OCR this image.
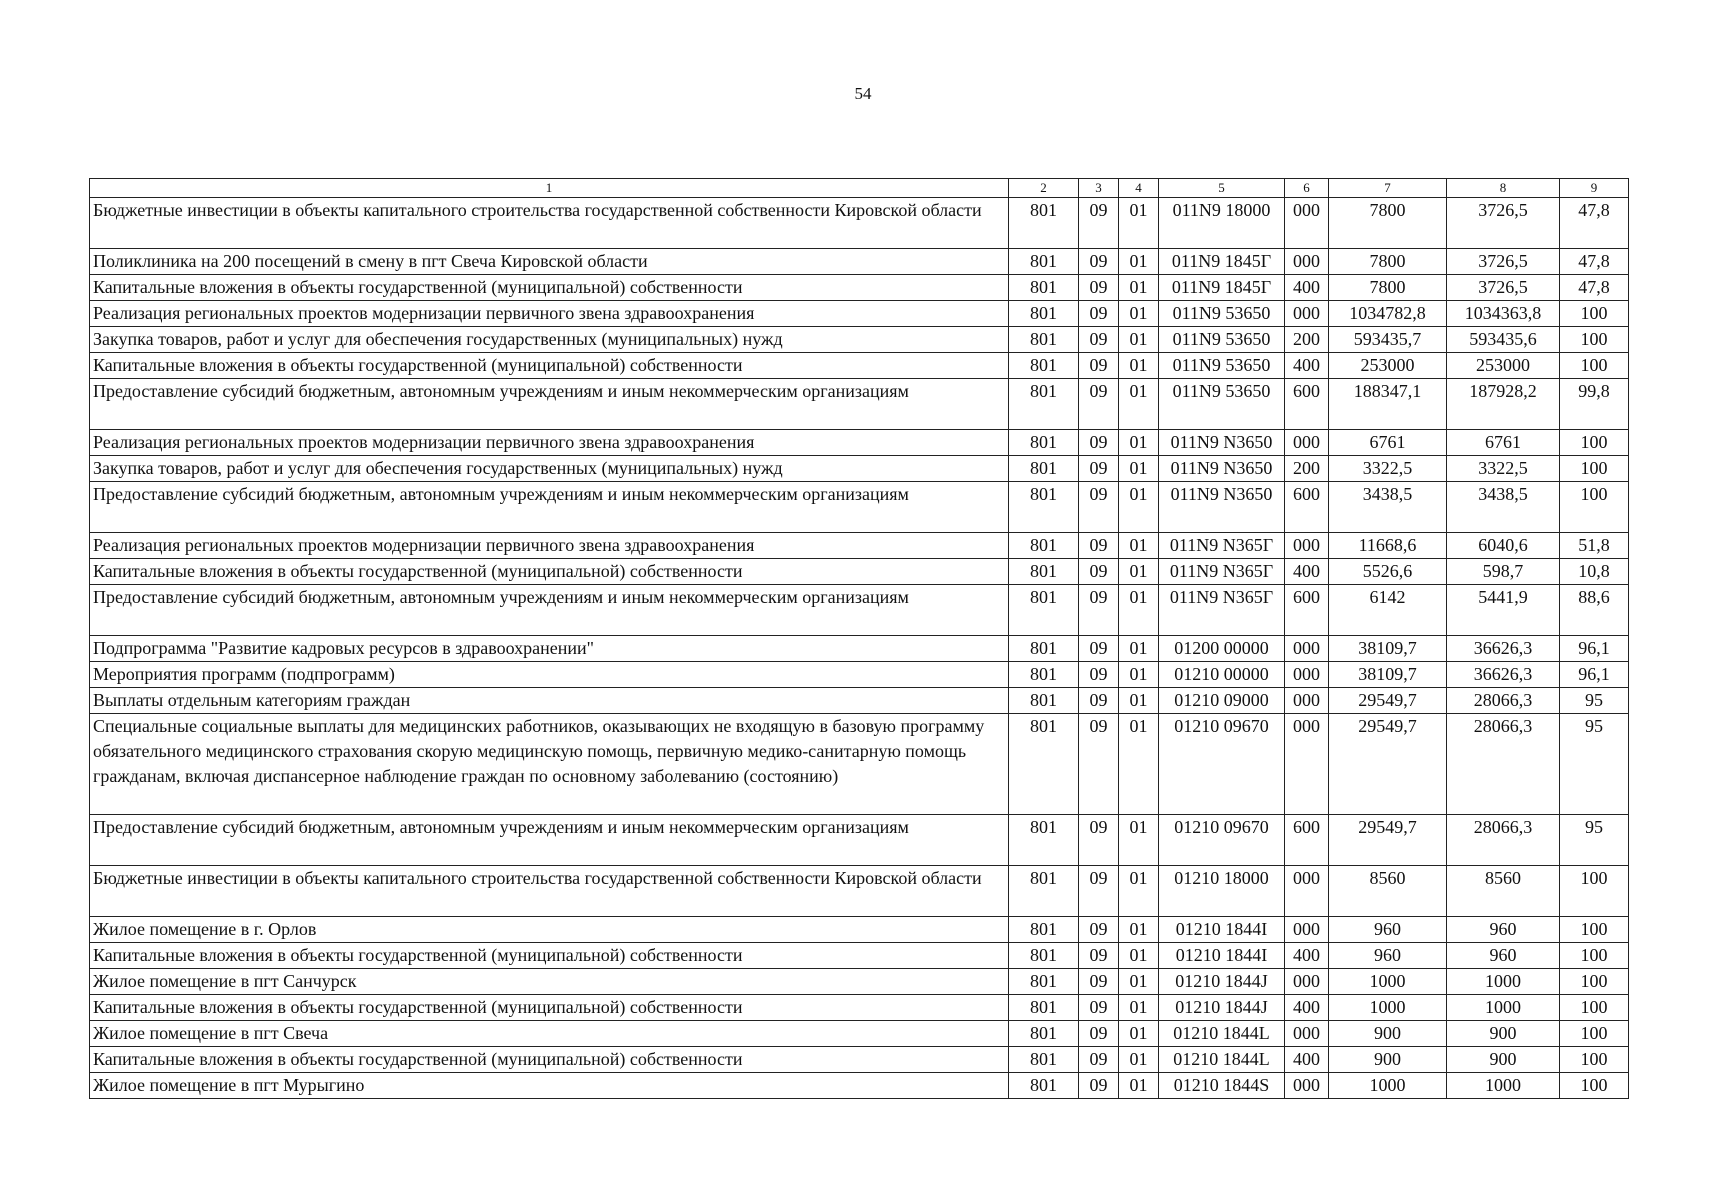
54
1	2	3	4	5	6	7	8	9
Бюджетные инвестиции в объекты капитального строительства государственной собственности Кировской области	801	09	01	011N9 18000	000	7800	3726,5	47,8
Поликлиника на 200 посещений в смену в пгт Свеча Кировской области	801	09	01	011N9 1845Г	000	7800	3726,5	47,8
Капитальные вложения в объекты государственной (муниципальной) собственности	801	09	01	011N9 1845Г	400	7800	3726,5	47,8
Реализация региональных проектов модернизации первичного звена здравоохранения	801	09	01	011N9 53650	000	1034782,8	1034363,8	100
Закупка товаров, работ и услуг для обеспечения государственных (муниципальных) нужд	801	09	01	011N9 53650	200	593435,7	593435,6	100
Капитальные вложения в объекты государственной (муниципальной) собственности	801	09	01	011N9 53650	400	253000	253000	100
Предоставление субсидий бюджетным, автономным учреждениям и иным некоммерческим организациям	801	09	01	011N9 53650	600	188347,1	187928,2	99,8
Реализация региональных проектов модернизации первичного звена здравоохранения	801	09	01	011N9 N3650	000	6761	6761	100
Закупка товаров, работ и услуг для обеспечения государственных (муниципальных) нужд	801	09	01	011N9 N3650	200	3322,5	3322,5	100
Предоставление субсидий бюджетным, автономным учреждениям и иным некоммерческим организациям	801	09	01	011N9 N3650	600	3438,5	3438,5	100
Реализация региональных проектов модернизации первичного звена здравоохранения	801	09	01	011N9 N365Г	000	11668,6	6040,6	51,8
Капитальные вложения в объекты государственной (муниципальной) собственности	801	09	01	011N9 N365Г	400	5526,6	598,7	10,8
Предоставление субсидий бюджетным, автономным учреждениям и иным некоммерческим организациям	801	09	01	011N9 N365Г	600	6142	5441,9	88,6
Подпрограмма "Развитие кадровых ресурсов в здравоохранении"	801	09	01	01200 00000	000	38109,7	36626,3	96,1
Мероприятия программ (подпрограмм)	801	09	01	01210 00000	000	38109,7	36626,3	96,1
Выплаты отдельным категориям граждан	801	09	01	01210 09000	000	29549,7	28066,3	95
Специальные социальные выплаты для медицинских работников, оказывающих не входящую в базовую программу обязательного медицинского страхования скорую медицинскую помощь, первичную медико-санитарную помощь гражданам, включая диспансерное наблюдение граждан по основному заболеванию (состоянию)	801	09	01	01210 09670	000	29549,7	28066,3	95
Предоставление субсидий бюджетным, автономным учреждениям и иным некоммерческим организациям	801	09	01	01210 09670	600	29549,7	28066,3	95
Бюджетные инвестиции в объекты капитального строительства государственной собственности Кировской области	801	09	01	01210 18000	000	8560	8560	100
Жилое помещение в г. Орлов	801	09	01	01210 1844I	000	960	960	100
Капитальные вложения в объекты государственной (муниципальной) собственности	801	09	01	01210 1844I	400	960	960	100
Жилое помещение в пгт Санчурск	801	09	01	01210 1844J	000	1000	1000	100
Капитальные вложения в объекты государственной (муниципальной) собственности	801	09	01	01210 1844J	400	1000	1000	100
Жилое помещение в пгт Свеча	801	09	01	01210 1844L	000	900	900	100
Капитальные вложения в объекты государственной (муниципальной) собственности	801	09	01	01210 1844L	400	900	900	100
Жилое помещение в пгт Мурыгино	801	09	01	01210 1844S	000	1000	1000	100
